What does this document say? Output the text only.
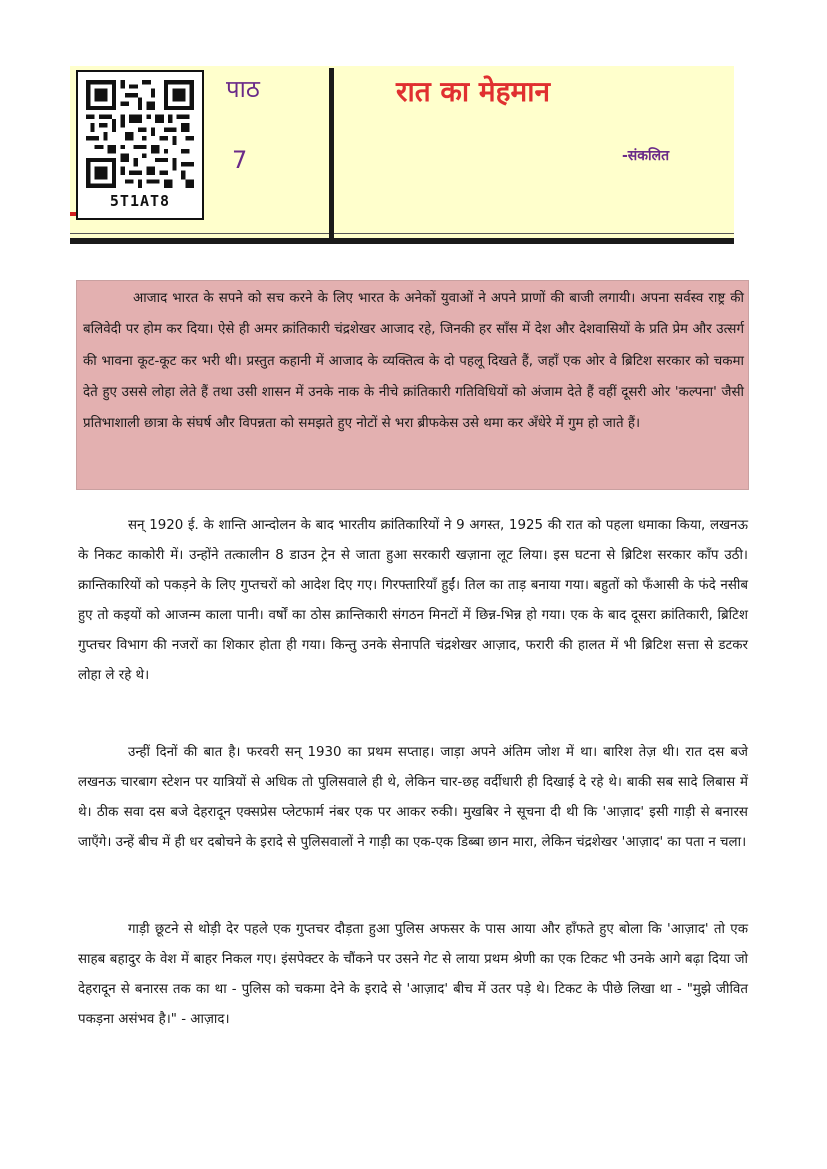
5T1AT8
पाठ
7
रात का मेहमान
-संकलित

आजाद भारत के सपने को सच करने के लिए भारत के अनेकों युवाओं ने अपने प्राणों की बाजी लगायी। अपना सर्वस्व राष्ट्र की बलिवेदी पर होम कर दिया। ऐसे ही अमर क्रांतिकारी चंद्रशेखर आजाद रहे, जिनकी हर साँस में देश और देशवासियों के प्रति प्रेम और उत्सर्ग की भावना कूट-कूट कर भरी थी। प्रस्तुत कहानी में आजाद के व्यक्तित्व के दो पहलू दिखते हैं, जहाँ एक ओर वे ब्रिटिश सरकार को चकमा देते हुए उससे लोहा लेते हैं तथा उसी शासन में उनके नाक के नीचे क्रांतिकारी गतिविधियों को अंजाम देते हैं वहीं दूसरी ओर 'कल्पना' जैसी प्रतिभाशाली छात्रा के संघर्ष और विपन्नता को समझते हुए नोटों से भरा ब्रीफकेस उसे थमा कर अँधेरे में गुम हो जाते हैं।

सन् 1920 ई. के शान्ति आन्दोलन के बाद भारतीय क्रांतिकारियों ने 9 अगस्त, 1925 की रात को पहला धमाका किया, लखनऊ के निकट काकोरी में। उन्होंने तत्कालीन 8 डाउन ट्रेन से जाता हुआ सरकारी खज़ाना लूट लिया। इस घटना से ब्रिटिश सरकार काँप उठी। क्रान्तिकारियों को पकड़ने के लिए गुप्तचरों को आदेश दिए गए। गिरफ्तारियाँ हुईं। तिल का ताड़ बनाया गया। बहुतों को फँआसी के फंदे नसीब हुए तो कइयों को आजन्म काला पानी। वर्षों का ठोस क्रान्तिकारी संगठन मिनटों में छिन्न-भिन्न हो गया। एक के बाद दूसरा क्रांतिकारी, ब्रिटिश गुप्तचर विभाग की नजरों का शिकार होता ही गया। किन्तु उनके सेनापति चंद्रशेखर आज़ाद, फरारी की हालत में भी ब्रिटिश सत्ता से डटकर लोहा ले रहे थे।

उन्हीं दिनों की बात है। फरवरी सन् 1930 का प्रथम सप्ताह। जाड़ा अपने अंतिम जोश में था। बारिश तेज़ थी। रात दस बजे लखनऊ चारबाग स्टेशन पर यात्रियों से अधिक तो पुलिसवाले ही थे, लेकिन चार-छह वर्दीधारी ही दिखाई दे रहे थे। बाकी सब सादे लिबास में थे। ठीक सवा दस बजे देहरादून एक्सप्रेस प्लेटफार्म नंबर एक पर आकर रुकी। मुखबिर ने सूचना दी थी कि 'आज़ाद' इसी गाड़ी से बनारस जाएँगे। उन्हें बीच में ही धर दबोचने के इरादे से पुलिसवालों ने गाड़ी का एक-एक डिब्बा छान मारा, लेकिन चंद्रशेखर 'आज़ाद' का पता न चला।

गाड़ी छूटने से थोड़ी देर पहले एक गुप्तचर दौड़ता हुआ पुलिस अफसर के पास आया और हाँफते हुए बोला कि 'आज़ाद' तो एक साहब बहादुर के वेश में बाहर निकल गए। इंसपेक्टर के चौंकने पर उसने गेट से लाया प्रथम श्रेणी का एक टिकट भी उनके आगे बढ़ा दिया जो देहरादून से बनारस तक का था - पुलिस को चकमा देने के इरादे से 'आज़ाद' बीच में उतर पड़े थे। टिकट के पीछे लिखा था - "मुझे जीवित पकड़ना असंभव है।" - आज़ाद।
